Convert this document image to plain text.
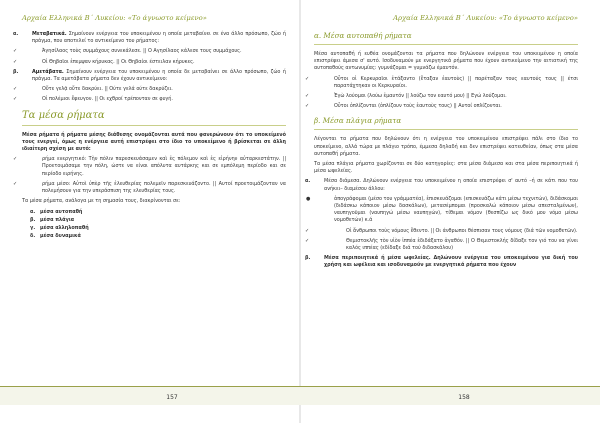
Αρχαία Ελληνικά Β΄ Λυκείου: «Το άγνωστο κείμενο»
α.	Μεταβατικά. Σημαίνουν ενέργεια του υποκειμένου η οποία μεταβαίνει σε ένα άλλο πρόσωπο, ζώο ή πράγμα, που αποτελεί το αντικείμενο του ρήματος:
✓	Άγησίλαος τοὺς συμμάχους συνεκάλεσε. || Ο Αγησίλαος κάλεσε τους συμμάχους.
✓	Οἱ Θηβαῖοι ἐπεμψαν κήρυκας. || Οι Θηβαίοι έστειλαν κήρυκες.
β.	Αμετάβατα. Σημαίνουν ενέργεια του υποκειμένου η οποία δε μεταβαίνει σε άλλο πρόσωπο, ζώο ή πράγμα. Τα αμετάβατα ρήματα δεν έχουν αντικείμενο:
✓	Οὔτε γελᾷ οὔτε δακρύει. || Ούτε γελά ούτε δακρύζει.
✓	Οἱ πολέμιοι ἔφευγον. || Οι εχθροί τρέπονταν σε φυγή.
Τα μέσα ρήματα
Μέσα ρήματα ή ρήματα μέσης διάθεσης ονομάζονται αυτά που φανερώνουν ότι το υποκείμενό τους ενεργεί, όμως η ενέργεια αυτή επιστρέφει στο ίδιο το υποκείμενο ή βρίσκεται σε άλλη ιδιαίτερη σχέση με αυτό:
✓	ρήμα ενεργητικό: Τὴν πόλιν παρεσκευάσαμεν καὶ ἐς πόλεμον καὶ ἐς εἰρήνην αὐταρκεστάτην. || Προετοιμάσαμε την πόλη, ώστε να είναι απόλυτα αυτάρκης και σε εμπόλεμη περίοδο και σε περίοδο ειρήνης.
✓	ρήμα μέσο: Αὐτοὶ ὑπὲρ τῆς ἐλευθερίας πολεμεῖν παρεσκευάζοντο. || Αυτοί προετοιμάζονταν να πολεμήσουν για την υπεράσπιση της ελευθερίας τους.
Τα μέσα ρήματα, ανάλογα με τη σημασία τους, διακρίνονται σε:
α. μέσα αυτοπαθή
β. μέσα πλάγια
γ. μέσα αλληλοπαθή
δ. μέσα δυναμικά
157
Αρχαία Ελληνικά Β΄ Λυκείου: «Το άγνωστο κείμενο»
α. Μέσα αυτοπαθή ρήματα
Μέσα αυτοπαθή ή ευθέα ονομάζονται τα ρήματα που δηλώνουν ενέργεια του υποκειμένου η οποία επιστρέφει άμεσα σ' αυτό. Ισοδυναμούν με ενεργητικά ρήματα που έχουν αντικείμενο την αιτιατική της αυτοπαθούς αντωνυμίας: γυμνάζομαι = γυμνάζω έμαυτόν.
✓	Οὗτοι οἱ Κερκυραῖοι ἐτάξαντο (ἔταξαν ἑαυτοὺς) || παρέταξαν τους εαυτούς τους || έτσι παρατάχτηκαν οι Κερκυραίοι.
✓	Ἐγὼ λούομαι (λούω ἐμαυτόν || λούζω τον εαυτό μου) || Εγώ λούζομαι.
✓	Οὗτοι ὁπλίζονται (ὁπλίζουν τοὺς ἑαυτοὺς τους) || Αυτοί οπλίζονται.
β. Μέσα πλάγια ρήματα
Λέγονται τα ρήματα που δηλώνουν ότι η ενέργεια του υποκειμένου επιστρέφει πάλι στο ίδιο το υποκείμενο, αλλά τώρα με πλάγιο τρόπο, έμμεσα δηλαδή και δεν επιστρέφει κατευθείαν, όπως στα μέσα αυτοπαθή ρήματα.
Τα μέσα πλάγια ρήματα χωρίζονται σε δύο κατηγορίες: στα μέσα διάμεσα και στα μέσα περιποιητικά ή μέσα ωφελείας.
α.	Μέσα διάμεσα. Δηλώνουν ενέργεια του υποκειμένου η οποία επιστρέφει σ' αυτό –ή σε κάτι που του ανήκει– διαμέσου άλλου:
●	ἀπογράφομαι (μέσο του γράμματέα), ἐπισκευάζομαι (επισκευάζω κάτι μέσω τεχνιτών), διδάσκομαι (διδάσκω κάποιον μέσω δασκάλων), μετασέμπομαι (προσκαλώ κάποιον μέσω απεσταλμένων), ναυπηγοῦμαι (ναυπηγώ μέσω ναυπηγών), τίθεμαι νόμον (θεσπίζω ως δικό μου νόμο μέσω νομοθετών) κ.ά
✓	Οἱ ἄνθρωποι τοὺς νόμους ἔθεντο. || Οι άνθρωποι θέσπισαν τους νόμους (διά τῶν νομοθετῶν).
✓	Θεμιστοκλῆς τὸν υἱὸν ἱππέα ἐδιδάξατο ἀγαθόν. || Ο Θεμιστοκλής δίδαξε τον γιό του να γίνει καλός ιππέας (εδίδαξε διά τού διδασκάλου)
β.	Μέσα περιποιητικά ή μέσα ωφελείας. Δηλώνουν ενέργεια του υποκειμένου για δική του χρήση και ωφέλεια και ισοδυναμούν με ενεργητικά ρήματα που έχουν
158
